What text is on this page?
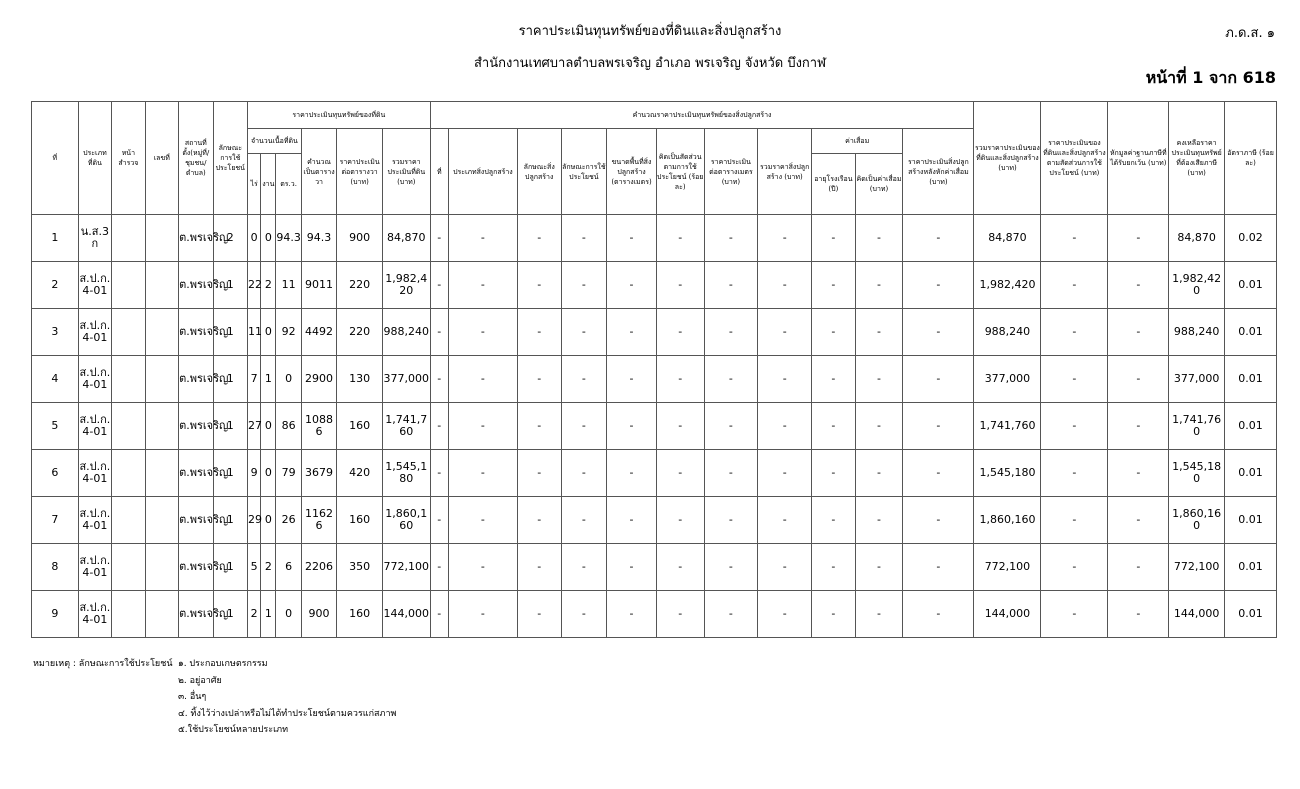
ราคาประเมินทุนทรัพย์ของที่ดินและสิ่งปลูกสร้าง
สำนักงานเทศบาลตำบลพรเจริญ อำเภอ พรเจริญ จังหวัด บึงกาฬ
ภ.ด.ส. ๑
หน้าที่ 1 จาก 618
ที่	ประเภทที่ดิน	หน้าสำรวจ	เลขที่	สถานที่ตั้ง(หมู่ที่/ชุมชน/ตำบล)	ลักษณะการใช้ประโยชน์	ราคาประเมินทุนทรัพย์ของที่ดิน						คำนวณราคาประเมินทุนทรัพย์ของสิ่งปลูกสร้าง											รวมราคาประเมินของที่ดินและสิ่งปลูกสร้าง (บาท)	ราคาประเมินของที่ดินและสิ่งปลูกสร้างตามสัดส่วนการใช้ประโยชน์ (บาท)	หักมูลค่าฐานภาษีที่ได้รับยกเว้น (บาท)	คงเหลือราคาประเมินทุนทรัพย์ที่ต้องเสียภาษี (บาท)	อัตราภาษี (ร้อยละ)
						จำนวนเนื้อที่ดิน			คำนวณเป็นตารางวา	ราคาประเมินต่อตารางวา (บาท)	รวมราคาประเมินที่ดิน (บาท)	ที่	ประเภทสิ่งปลูกสร้าง	ลักษณะสิ่งปลูกสร้าง	ลักษณะการใช้ประโยชน์	ขนาดพื้นที่สิ่งปลูกสร้าง (ตารางเมตร)	คิดเป็นสัดส่วนตามการใช้ประโยชน์ (ร้อยละ)	ราคาประเมินต่อตารางเมตร (บาท)	รวมราคาสิ่งปลูกสร้าง (บาท)	ค่าเสื่อม		ราคาประเมินสิ่งปลูกสร้างหลังหักค่าเสื่อม (บาท)					
						ไร่	งาน	ตร.ว.												อายุโรงเรือน (ปี)	คิดเป็นค่าเสื่อม (บาท)						
1	น.ส.3 ก			ต.พรเจริญ	2	0	0	94.3	94.3	900	84,870	-	-	-	-	-	-	-	-	-	-	-	84,870	-	-	84,870	0.02
2	ส.ป.ก. 4-01			ต.พรเจริญ	1	22	2	11	9011	220	1,982,420	-	-	-	-	-	-	-	-	-	-	-	1,982,420	-	-	1,982,420	0.01
3	ส.ป.ก. 4-01			ต.พรเจริญ	1	11	0	92	4492	220	988,240	-	-	-	-	-	-	-	-	-	-	-	988,240	-	-	988,240	0.01
4	ส.ป.ก. 4-01			ต.พรเจริญ	1	7	1	0	2900	130	377,000	-	-	-	-	-	-	-	-	-	-	-	377,000	-	-	377,000	0.01
5	ส.ป.ก. 4-01			ต.พรเจริญ	1	27	0	86	10886	160	1,741,760	-	-	-	-	-	-	-	-	-	-	-	1,741,760	-	-	1,741,760	0.01
6	ส.ป.ก. 4-01			ต.พรเจริญ	1	9	0	79	3679	420	1,545,180	-	-	-	-	-	-	-	-	-	-	-	1,545,180	-	-	1,545,180	0.01
7	ส.ป.ก. 4-01			ต.พรเจริญ	1	29	0	26	11626	160	1,860,160	-	-	-	-	-	-	-	-	-	-	-	1,860,160	-	-	1,860,160	0.01
8	ส.ป.ก. 4-01			ต.พรเจริญ	1	5	2	6	2206	350	772,100	-	-	-	-	-	-	-	-	-	-	-	772,100	-	-	772,100	0.01
9	ส.ป.ก. 4-01			ต.พรเจริญ	1	2	1	0	900	160	144,000	-	-	-	-	-	-	-	-	-	-	-	144,000	-	-	144,000	0.01
หมายเหตุ : ลักษณะการใช้ประโยชน์ ๑. ประกอบเกษตรกรรม
๒. อยู่อาศัย
๓. อื่นๆ
๔. ทิ้งไว้ว่างเปล่าหรือไม่ได้ทำประโยชน์ตามควรแก่สภาพ
๕.ใช้ประโยชน์หลายประเภท
